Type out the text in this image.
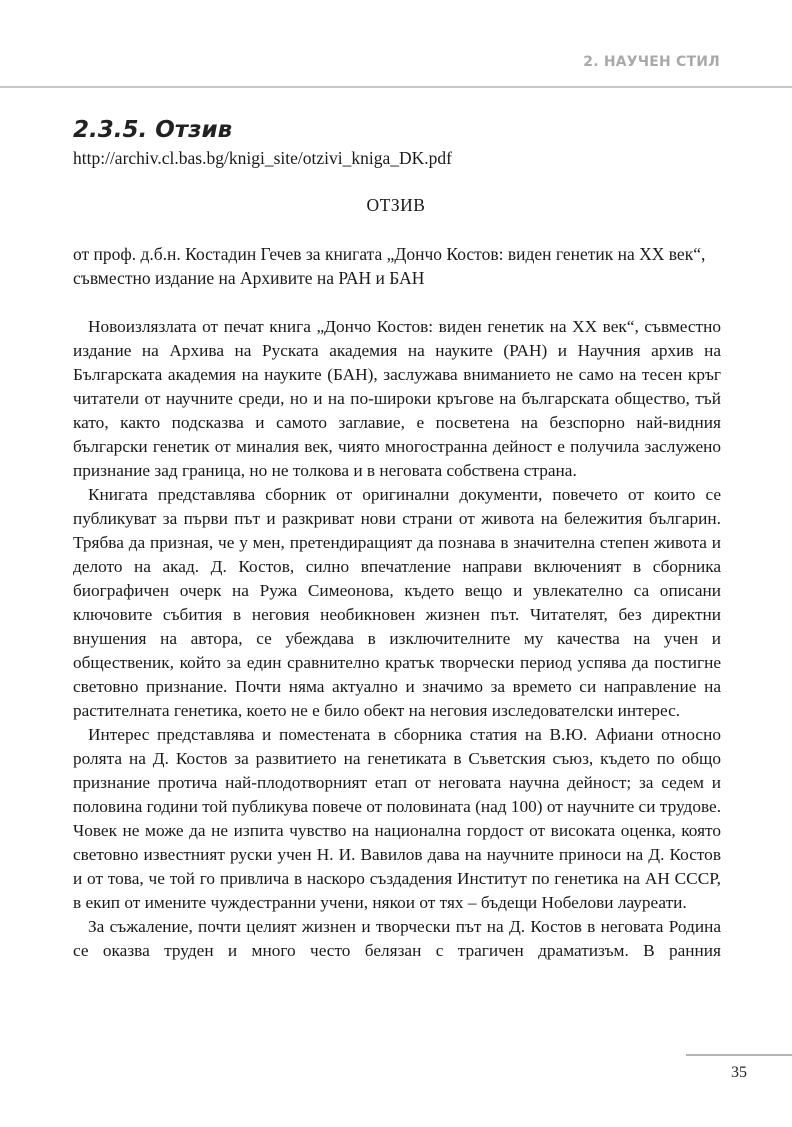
2. НАУЧЕН СТИЛ
2.3.5. Отзив
http://archiv.cl.bas.bg/knigi_site/otzivi_kniga_DK.pdf
ОТЗИВ
от проф. д.б.н. Костадин Гечев за книгата „Дончо Костов: виден генетик на XX век“, съвместно издание на Архивите на РАН и БАН

Новоизлязлата от печат книга „Дончо Костов: виден генетик на XX век“, съвместно издание на Архива на Руската академия на науките (РАН) и Научния архив на Българската академия на науките (БАН), заслужава вниманието не само на тесен кръг читатели от научните среди, но и на по-широки кръгове на българската общество, тъй като, както подсказва и самото заглавие, е посветена на безспорно най-видния български генетик от миналия век, чиято многостранна дейност е получила заслужено признание зад граница, но не толкова и в неговата собствена страна.

Книгата представлява сборник от оригинални документи, повечето от които се публикуват за първи път и разкриват нови страни от живота на бележития българин. Трябва да призная, че у мен, претендиращият да познава в значителна степен живота и делото на акад. Д. Костов, силно впечатление направи включеният в сборника биографичен очерк на Ружа Симеонова, където вещо и увлекателно са описани ключовите събития в неговия необикновен жизнен път. Читателят, без директни внушения на автора, се убеждава в изключителните му качества на учен и общественик, който за един сравнително кратък творчески период успява да постигне световно признание. Почти няма актуално и значимо за времето си направление на растителната генетика, което не е било обект на неговия изследователски интерес.

Интерес представлява и поместената в сборника статия на В.Ю. Афиани относно ролята на Д. Костов за развитието на генетиката в Съветския съюз, където по общо признание протича най-плодотворният етап от неговата научна дейност; за седем и половина години той публикува повече от половината (над 100) от научните си трудове. Човек не може да не изпита чувство на национална гордост от високата оценка, която световно известният руски учен Н. И. Вавилов дава на научните приноси на Д. Костов и от това, че той го привлича в наскоро създадения Институт по генетика на АН СССР, в екип от имените чуждестранни учени, някои от тях – бъдещи Нобелови лауреати.

За съжаление, почти целият жизнен и творчески път на Д. Костов в неговата Родина се оказва труден и много често белязан с трагичен драматизъм. В ранния

35
